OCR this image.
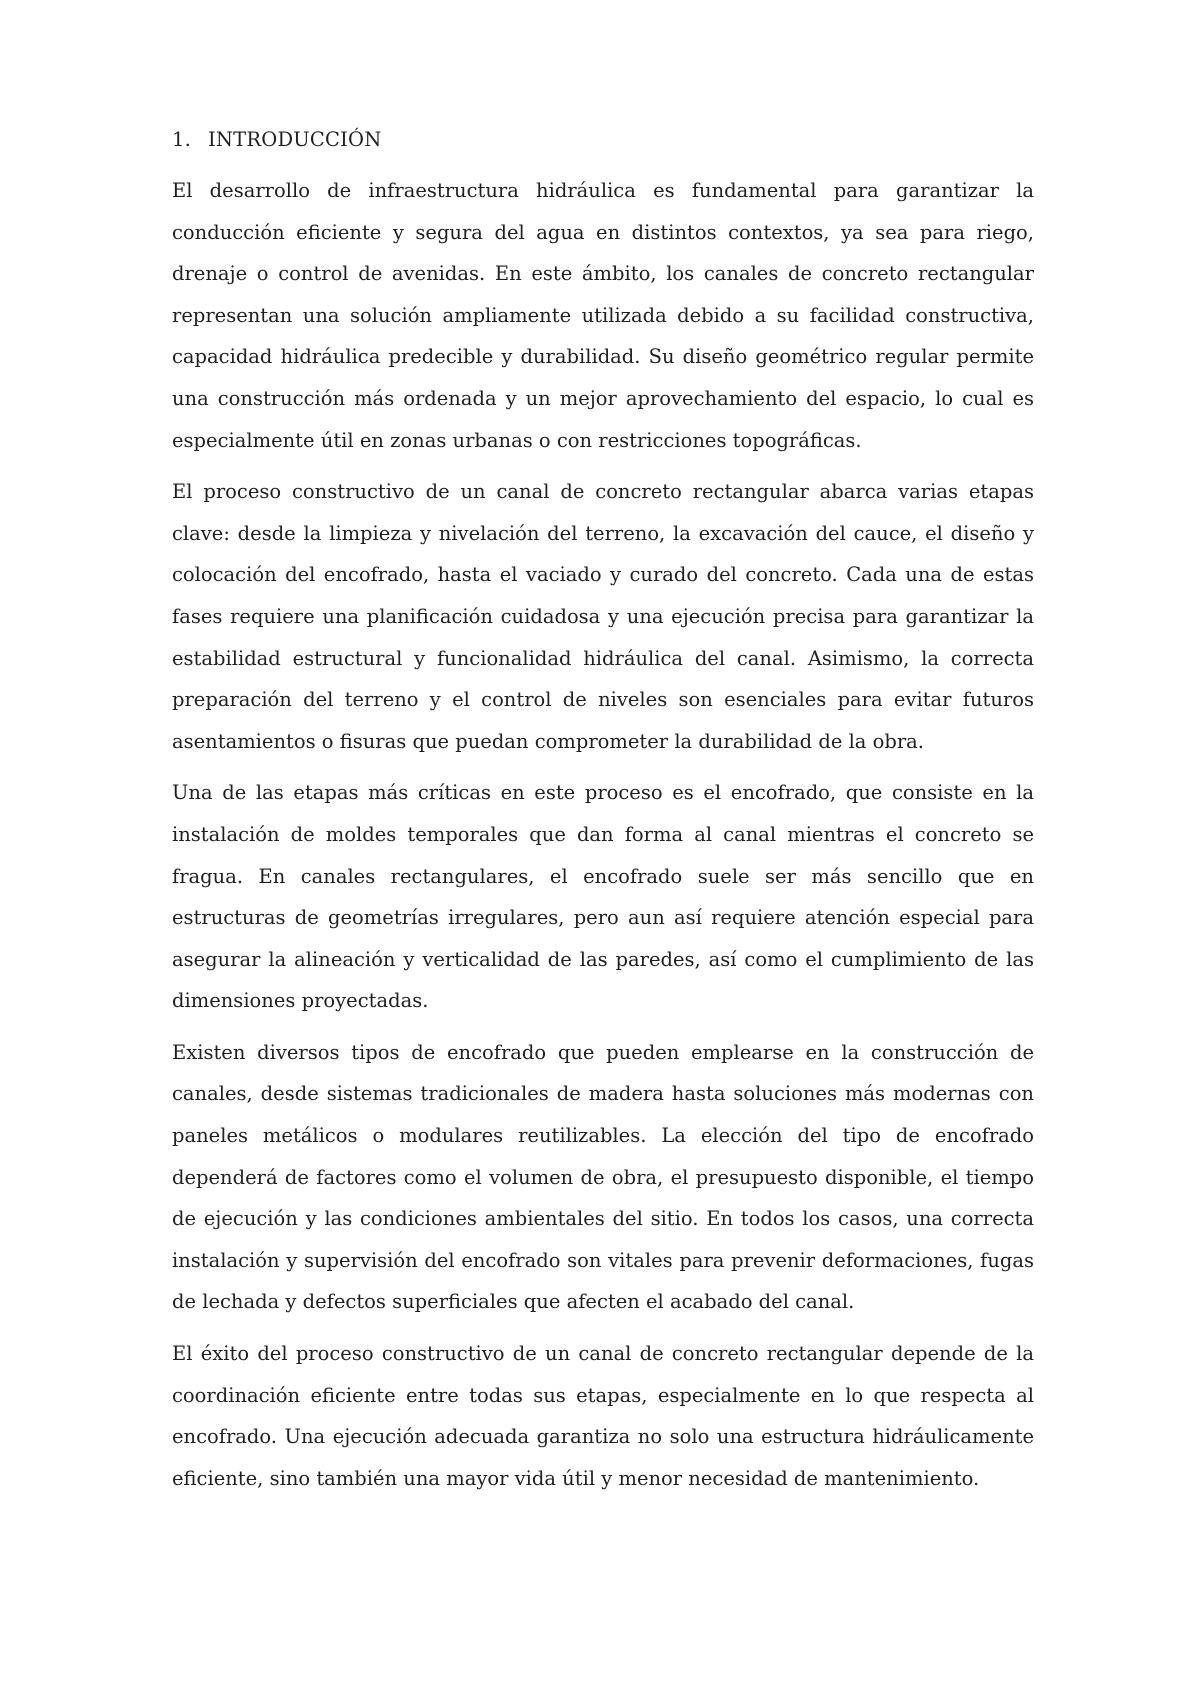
1. INTRODUCCIÓN

El desarrollo de infraestructura hidráulica es fundamental para garantizar la conducción eficiente y segura del agua en distintos contextos, ya sea para riego, drenaje o control de avenidas. En este ámbito, los canales de concreto rectangular representan una solución ampliamente utilizada debido a su facilidad constructiva, capacidad hidráulica predecible y durabilidad. Su diseño geométrico regular permite una construcción más ordenada y un mejor aprovechamiento del espacio, lo cual es especialmente útil en zonas urbanas o con restricciones topográficas.

El proceso constructivo de un canal de concreto rectangular abarca varias etapas clave: desde la limpieza y nivelación del terreno, la excavación del cauce, el diseño y colocación del encofrado, hasta el vaciado y curado del concreto. Cada una de estas fases requiere una planificación cuidadosa y una ejecución precisa para garantizar la estabilidad estructural y funcionalidad hidráulica del canal. Asimismo, la correcta preparación del terreno y el control de niveles son esenciales para evitar futuros asentamientos o fisuras que puedan comprometer la durabilidad de la obra.

Una de las etapas más críticas en este proceso es el encofrado, que consiste en la instalación de moldes temporales que dan forma al canal mientras el concreto se fragua. En canales rectangulares, el encofrado suele ser más sencillo que en estructuras de geometrías irregulares, pero aun así requiere atención especial para asegurar la alineación y verticalidad de las paredes, así como el cumplimiento de las dimensiones proyectadas.

Existen diversos tipos de encofrado que pueden emplearse en la construcción de canales, desde sistemas tradicionales de madera hasta soluciones más modernas con paneles metálicos o modulares reutilizables. La elección del tipo de encofrado dependerá de factores como el volumen de obra, el presupuesto disponible, el tiempo de ejecución y las condiciones ambientales del sitio. En todos los casos, una correcta instalación y supervisión del encofrado son vitales para prevenir deformaciones, fugas de lechada y defectos superficiales que afecten el acabado del canal.

El éxito del proceso constructivo de un canal de concreto rectangular depende de la coordinación eficiente entre todas sus etapas, especialmente en lo que respecta al encofrado. Una ejecución adecuada garantiza no solo una estructura hidráulicamente eficiente, sino también una mayor vida útil y menor necesidad de mantenimiento.
